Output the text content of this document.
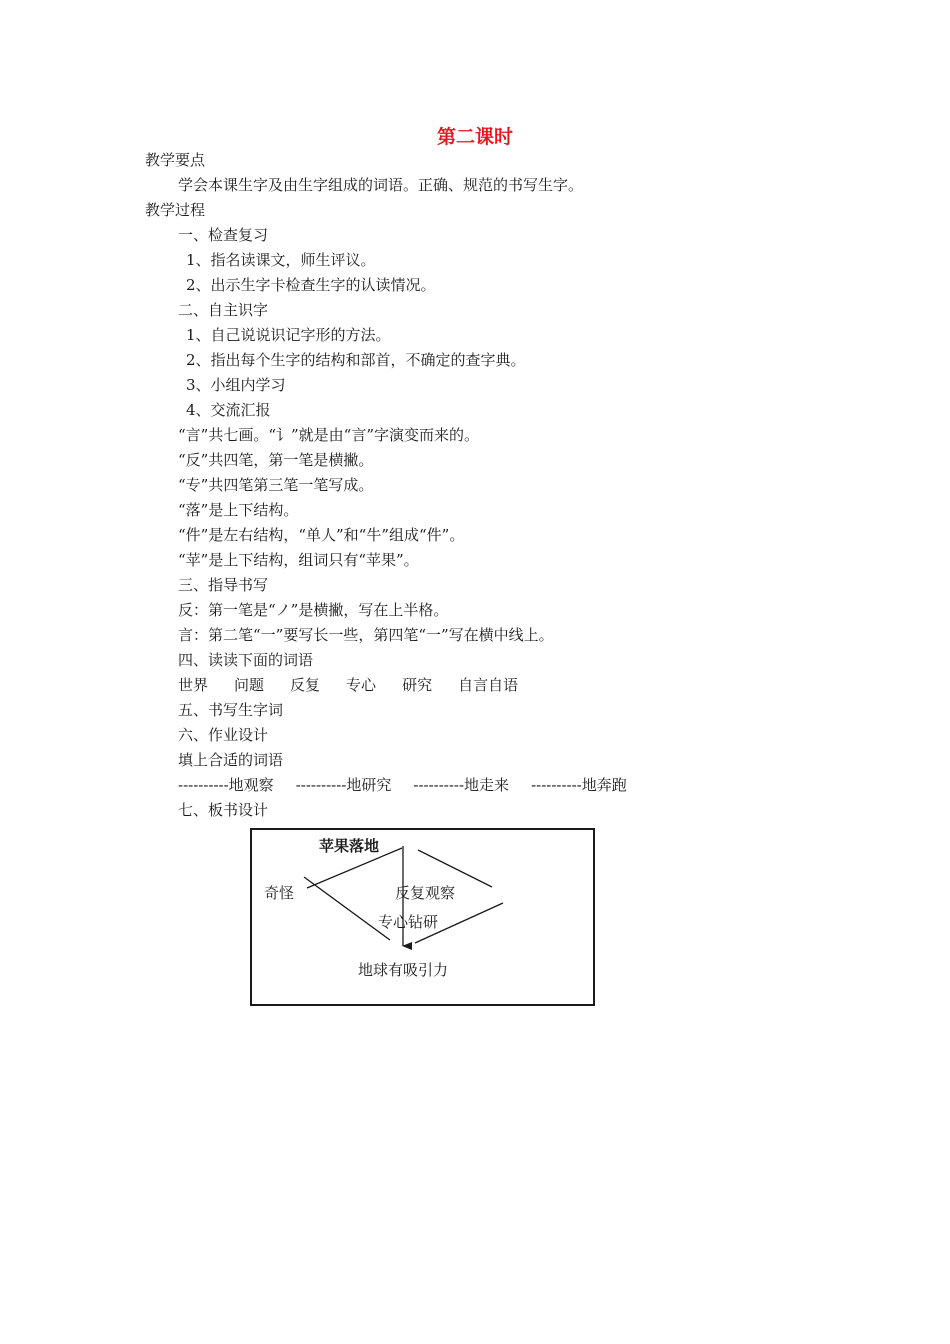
第二课时
教学要点
学会本课生字及由生字组成的词语。正确、规范的书写生字。
教学过程
一、检查复习
1、指名读课文，师生评议。
2、出示生字卡检查生字的认读情况。
二、自主识字
1、自己说说识记字形的方法。
2、指出每个生字的结构和部首，不确定的查字典。
3、小组内学习
4、交流汇报
“言”共七画。“讠”就是由“言”字演变而来的。
“反”共四笔，第一笔是横撇。
“专”共四笔第三笔一笔写成。
“落”是上下结构。
“件”是左右结构，“单人”和“牛”组成“件”。
“苹”是上下结构，组词只有“苹果”。
三、指导书写
反：第一笔是“ノ”是横撇，写在上半格。
言：第二笔“一”要写长一些，第四笔“一”写在横中线上。
四、读读下面的词语
世界 问题 反复 专心 研究 自言自语
五、书写生字词
六、作业设计
填上合适的词语
----------地观察 ----------地研究 ----------地走来 ----------地奔跑
七、板书设计
苹果落地
奇怪	反复观察
专心钻研
地球有吸引力
